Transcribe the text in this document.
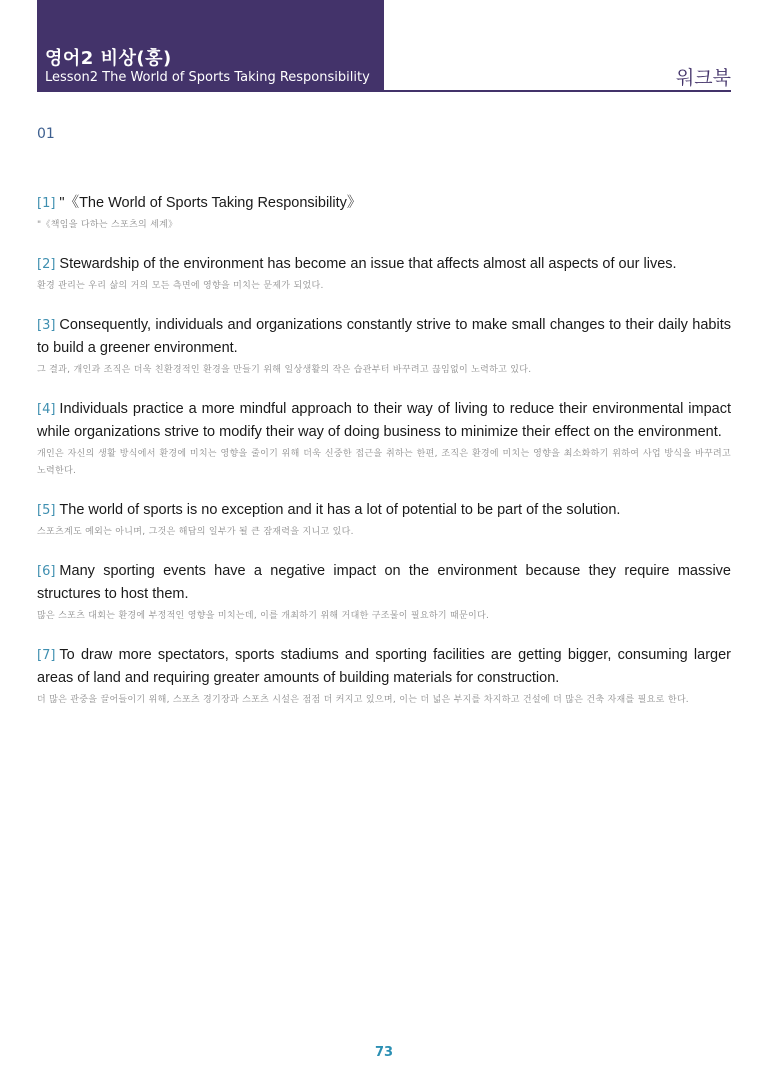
영어2 비상(홍)
Lesson2 The World of Sports Taking Responsibility	워크북
01
[1] "《The World of Sports Taking Responsibility》
"《책임을 다하는 스포츠의 세계》
[2] Stewardship of the environment has become an issue that affects almost all aspects of our lives.
환경 관리는 우리 삶의 거의 모든 측면에 영향을 미치는 문제가 되었다.
[3] Consequently, individuals and organizations constantly strive to make small changes to their daily habits to build a greener environment.
그 결과, 개인과 조직은 더욱 친환경적인 환경을 만들기 위해 일상생활의 작은 습관부터 바꾸려고 끊임없이 노력하고 있다.
[4] Individuals practice a more mindful approach to their way of living to reduce their environmental impact while organizations strive to modify their way of doing business to minimize their effect on the environment.
개인은 자신의 생활 방식에서 환경에 미치는 영향을 줄이기 위해 더욱 신중한 접근을 취하는 한편, 조직은 환경에 미치는 영향을 최소화하기 위하여 사업 방식을 바꾸려고 노력한다.
[5] The world of sports is no exception and it has a lot of potential to be part of the solution.
스포츠계도 예외는 아니며, 그것은 해답의 일부가 될 큰 잠재력을 지니고 있다.
[6] Many sporting events have a negative impact on the environment because they require massive structures to host them.
많은 스포츠 대회는 환경에 부정적인 영향을 미치는데, 이를 개최하기 위해 거대한 구조물이 필요하기 때문이다.
[7] To draw more spectators, sports stadiums and sporting facilities are getting bigger, consuming larger areas of land and requiring greater amounts of building materials for construction.
더 많은 관중을 끌어들이기 위해, 스포츠 경기장과 스포츠 시설은 점점 더 커지고 있으며, 이는 더 넓은 부지를 차지하고 건설에 더 많은 건축 자재를 필요로 한다.
73
